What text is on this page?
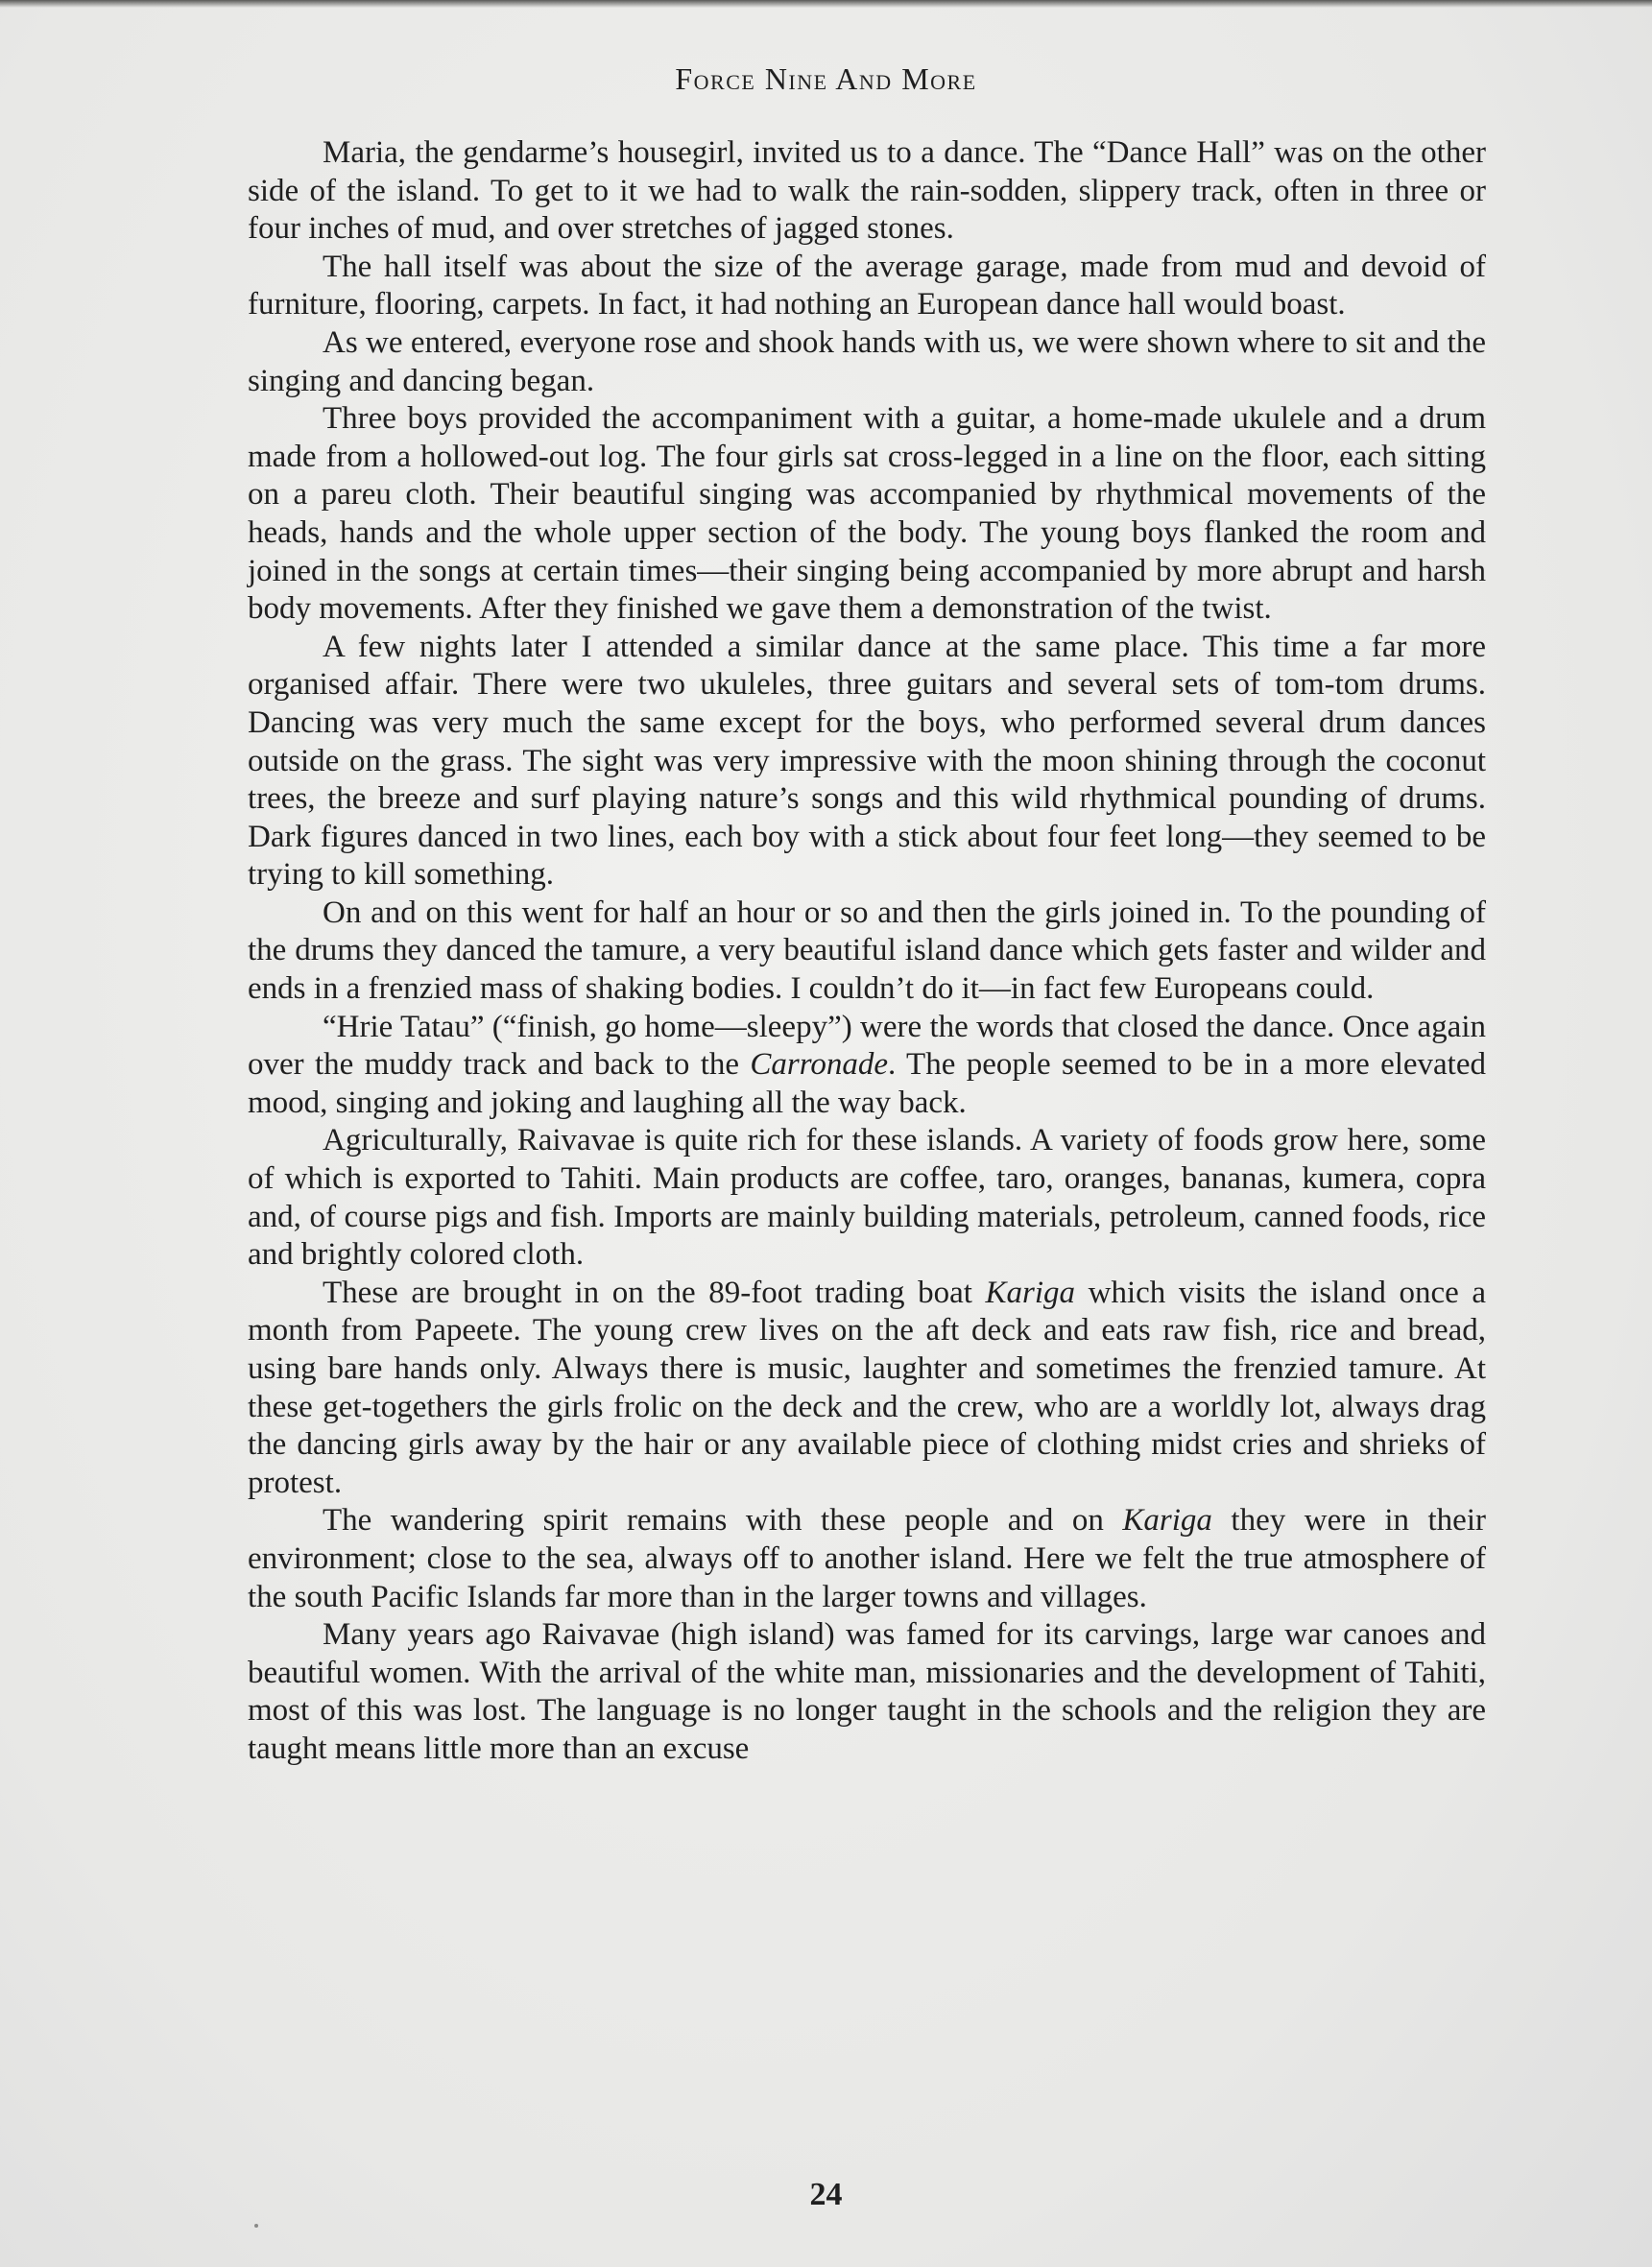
Force Nine And More

Maria, the gendarme’s housegirl, invited us to a dance. The “Dance Hall” was on the other side of the island. To get to it we had to walk the rain-sodden, slippery track, often in three or four inches of mud, and over stretches of jagged stones.

The hall itself was about the size of the average garage, made from mud and devoid of furniture, flooring, carpets. In fact, it had nothing an European dance hall would boast.

As we entered, everyone rose and shook hands with us, we were shown where to sit and the singing and dancing began.

Three boys provided the accompaniment with a guitar, a home-made ukulele and a drum made from a hollowed-out log. The four girls sat cross-legged in a line on the floor, each sitting on a pareu cloth. Their beautiful singing was accompanied by rhythmical movements of the heads, hands and the whole upper section of the body. The young boys flanked the room and joined in the songs at certain times—their singing being accompanied by more abrupt and harsh body movements. After they finished we gave them a demonstration of the twist.

A few nights later I attended a similar dance at the same place. This time a far more organised affair. There were two ukuleles, three guitars and several sets of tom-tom drums. Dancing was very much the same except for the boys, who performed several drum dances outside on the grass. The sight was very impressive with the moon shining through the coconut trees, the breeze and surf playing nature’s songs and this wild rhythmical pounding of drums. Dark figures danced in two lines, each boy with a stick about four feet long—they seemed to be trying to kill something.

On and on this went for half an hour or so and then the girls joined in. To the pounding of the drums they danced the tamure, a very beautiful island dance which gets faster and wilder and ends in a frenzied mass of shaking bodies. I couldn’t do it—in fact few Europeans could.

“Hrie Tatau” (“finish, go home—sleepy”) were the words that closed the dance. Once again over the muddy track and back to the Carronade. The people seemed to be in a more elevated mood, singing and joking and laughing all the way back.

Agriculturally, Raivavae is quite rich for these islands. A variety of foods grow here, some of which is exported to Tahiti. Main products are coffee, taro, oranges, bananas, kumera, copra and, of course pigs and fish. Imports are mainly building materials, petroleum, canned foods, rice and brightly colored cloth.

These are brought in on the 89-foot trading boat Kariga which visits the island once a month from Papeete. The young crew lives on the aft deck and eats raw fish, rice and bread, using bare hands only. Always there is music, laughter and sometimes the frenzied tamure. At these get-togethers the girls frolic on the deck and the crew, who are a worldly lot, always drag the dancing girls away by the hair or any available piece of clothing midst cries and shrieks of protest.

The wandering spirit remains with these people and on Kariga they were in their environment; close to the sea, always off to another island. Here we felt the true atmosphere of the south Pacific Islands far more than in the larger towns and villages.

Many years ago Raivavae (high island) was famed for its carvings, large war canoes and beautiful women. With the arrival of the white man, missionaries and the development of Tahiti, most of this was lost. The language is no longer taught in the schools and the religion they are taught means little more than an excuse

24
